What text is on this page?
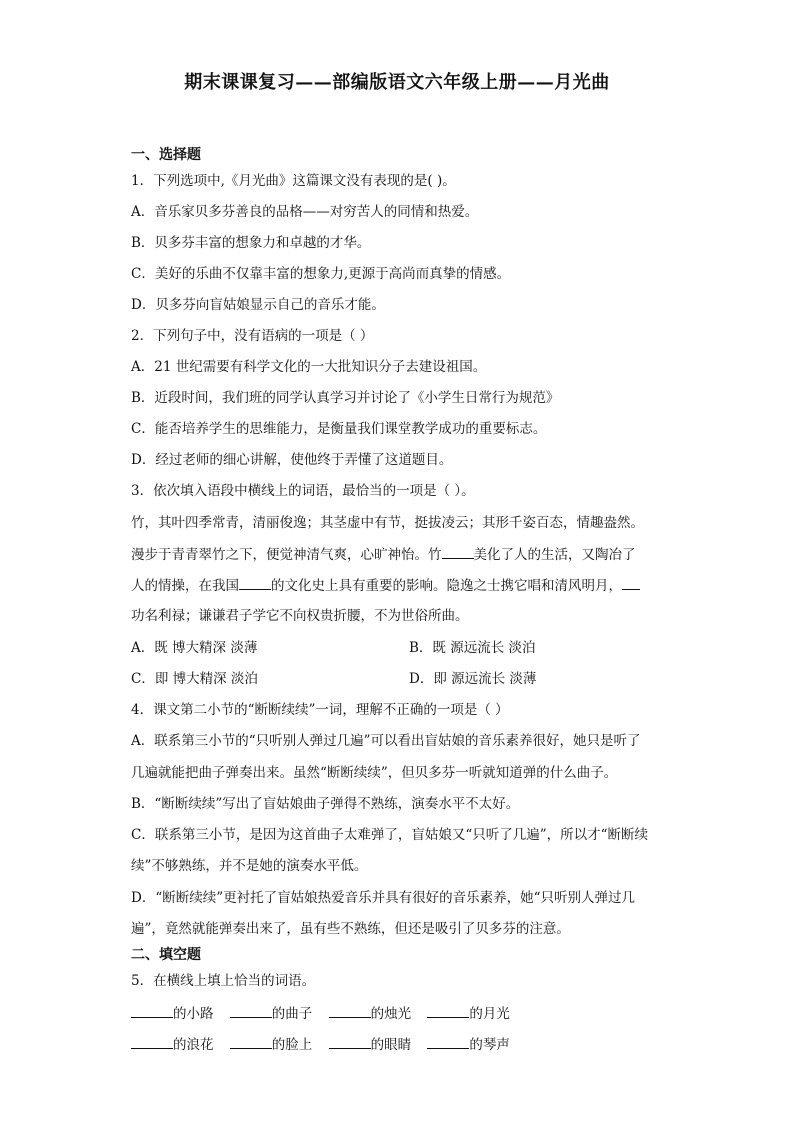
期末课课复习——部编版语文六年级上册——月光曲
一、选择题
1．下列选项中,《月光曲》这篇课文没有表现的是( )。
A．音乐家贝多芬善良的品格——对穷苦人的同情和热爱。
B．贝多芬丰富的想象力和卓越的才华。
C．美好的乐曲不仅靠丰富的想象力,更源于高尚而真挚的情感。
D．贝多芬向盲姑娘显示自己的音乐才能。
2．下列句子中，没有语病的一项是（ ）
A．21 世纪需要有科学文化的一大批知识分子去建设祖国。
B．近段时间，我们班的同学认真学习并讨论了《小学生日常行为规范》
C．能否培养学生的思维能力，是衡量我们课堂教学成功的重要标志。
D．经过老师的细心讲解，使他终于弄懂了这道题目。
3．依次填入语段中横线上的词语，最恰当的一项是（ ）。
竹，其叶四季常青，清丽俊逸；其茎虚中有节，挺拔凌云；其形千姿百态，情趣盎然。
漫步于青青翠竹之下，便觉神清气爽，心旷神怡。竹 美化了人的生活，又陶冶了
人的情操，在我国 的文化史上具有重要的影响。隐逸之士携它唱和清风明月，
功名利禄；谦谦君子学它不向权贵折腰，不为世俗所曲。
A．既 博大精深 淡薄	B．既 源远流长 淡泊
C．即 博大精深 淡泊	D．即 源远流长 淡薄
4．课文第二小节的“断断续续”一词，理解不正确的一项是（ ）
A．联系第三小节的“只听别人弹过几遍”可以看出盲姑娘的音乐素养很好，她只是听了
几遍就能把曲子弹奏出来。虽然“断断续续”，但贝多芬一听就知道弹的什么曲子。
B．“断断续续”写出了盲姑娘曲子弹得不熟练，演奏水平不太好。
C．联系第三小节，是因为这首曲子太难弹了，盲姑娘又“只听了几遍”，所以才“断断续
续”不够熟练，并不是她的演奏水平低。
D．“断断续续”更衬托了盲姑娘热爱音乐并具有很好的音乐素养，她“只听别人弹过几
遍”，竟然就能弹奏出来了，虽有些不熟练，但还是吸引了贝多芬的注意。
二、填空题
5．在横线上填上恰当的词语。
的小路	的曲子	的烛光	的月光
的浪花	的脸上	的眼睛	的琴声
